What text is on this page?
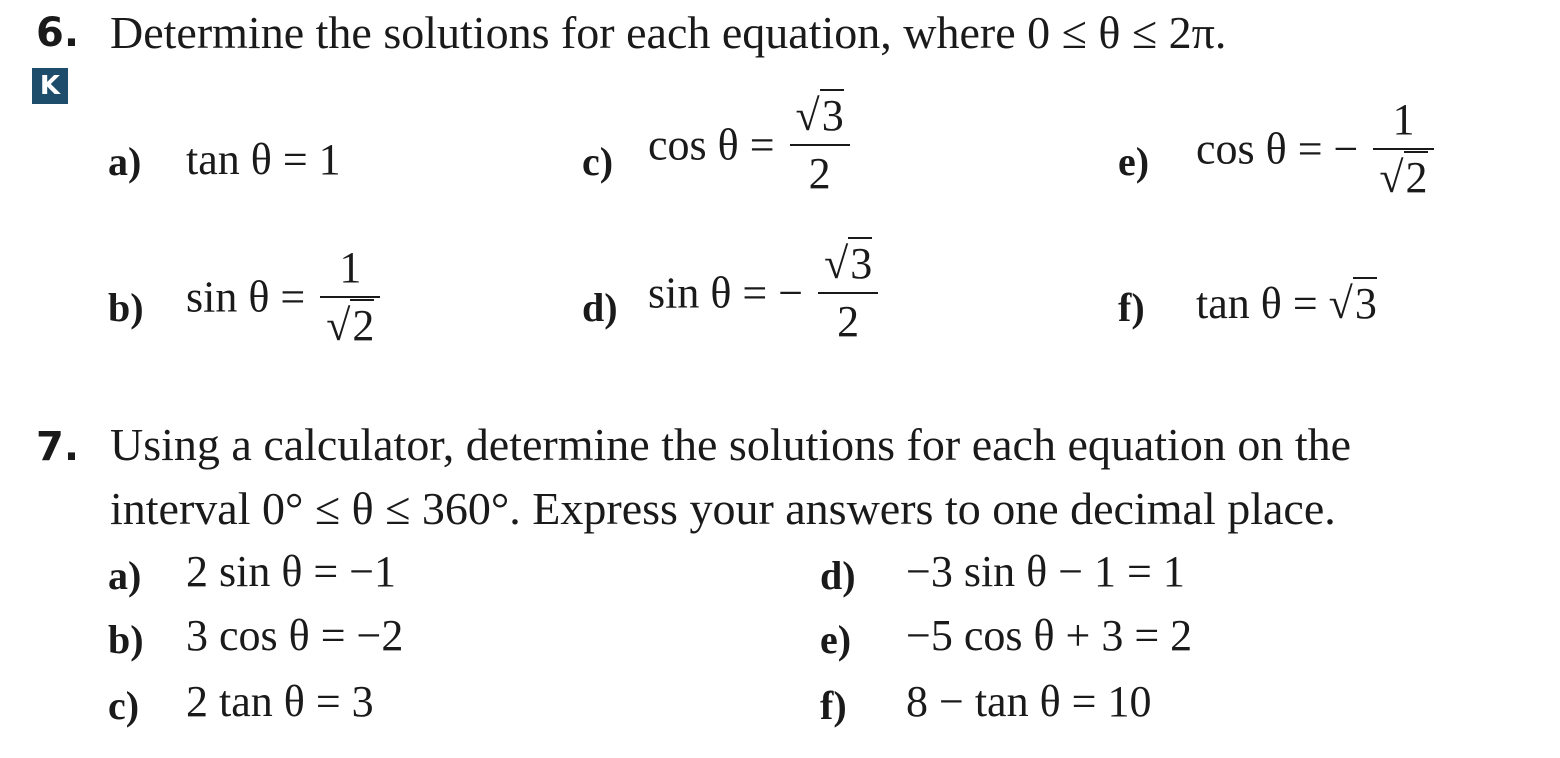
6. Determine the solutions for each equation, where 0 ≤ θ ≤ 2π.
K
a) tan θ = 1	c) $\cos \theta = \frac{√3}{2}$	e) cos θ = − $\frac{1}{√2}$
b) $\sin \theta = \frac{1}{√2}$	d) sin θ = − $\frac{√3}{2}$	f) tan θ = √3
7. Using a calculator, determine the solutions for each equation on the
interval 0° ≤ θ ≤ 360°. Express your answers to one decimal place.
a) 2 sin θ = −1
b) 3 cos θ = −2
c) 2 tan θ = 3
d) −3 sin θ − 1 = 1
e) −5 cos θ + 3 = 2
f) 8 − tan θ = 10
